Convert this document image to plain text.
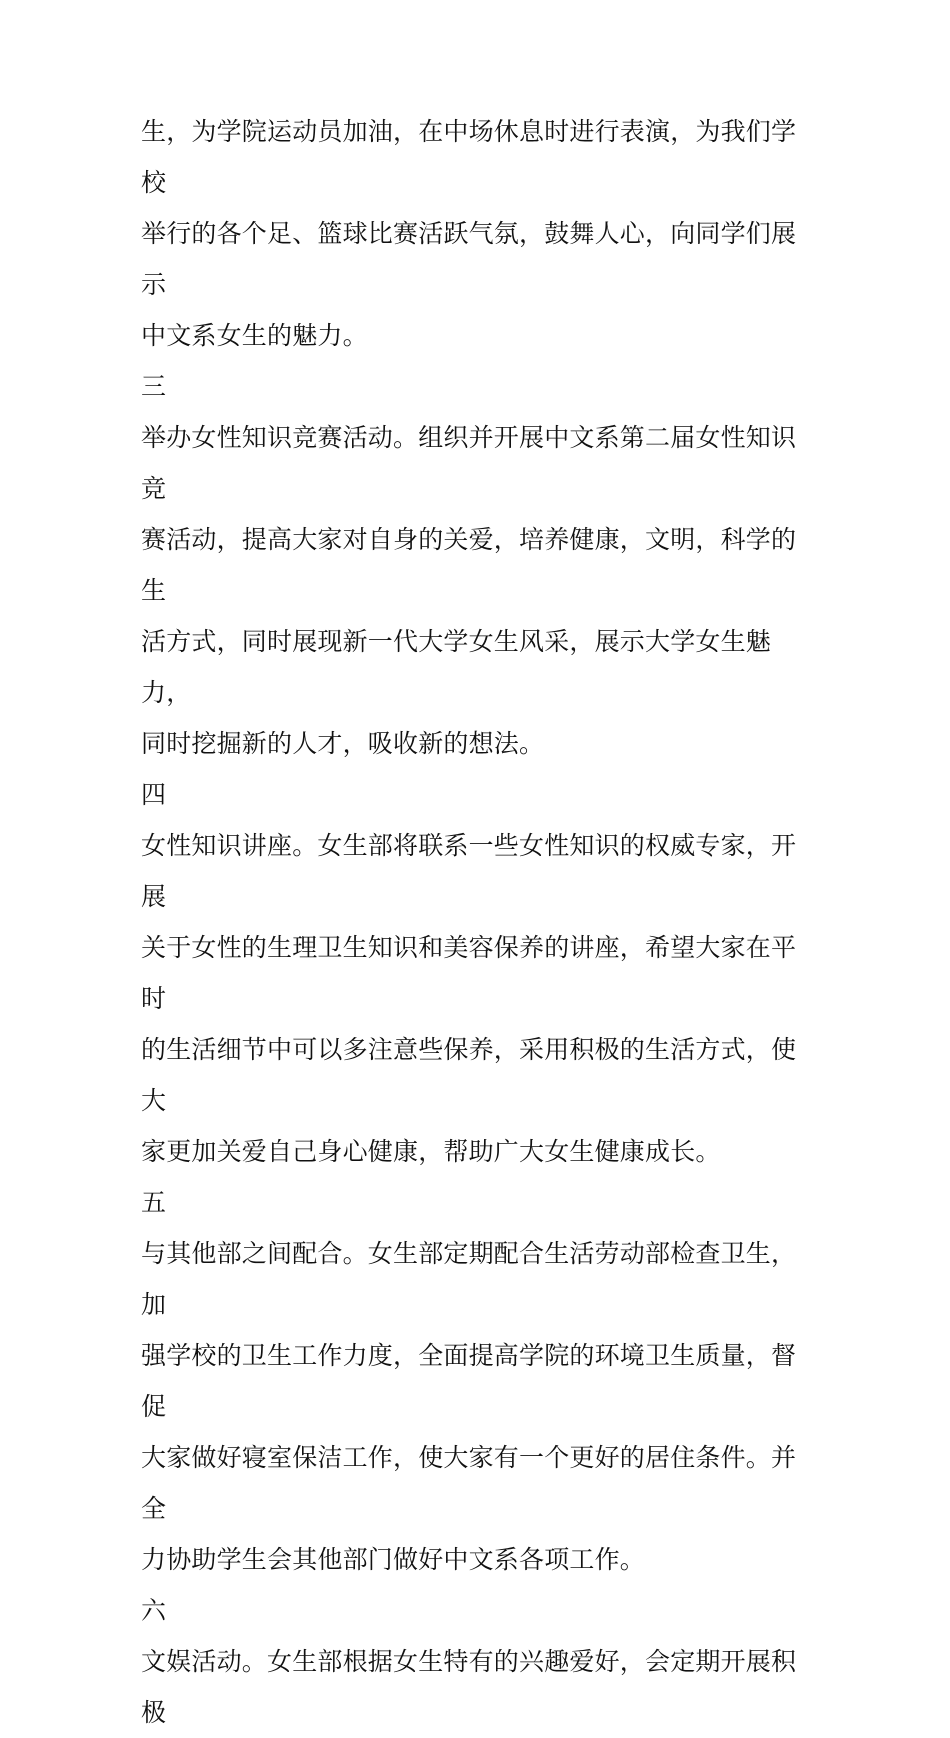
生，为学院运动员加油，在中场休息时进行表演，为我们学校
举行的各个足、篮球比赛活跃气氛，鼓舞人心，向同学们展示
中文系女生的魅力。
三
举办女性知识竞赛活动。组织并开展中文系第二届女性知识竞
赛活动，提高大家对自身的关爱，培养健康，文明，科学的生
活方式，同时展现新一代大学女生风采，展示大学女生魅力，
同时挖掘新的人才，吸收新的想法。
四
女性知识讲座。女生部将联系一些女性知识的权威专家，开展
关于女性的生理卫生知识和美容保养的讲座，希望大家在平时
的生活细节中可以多注意些保养，采用积极的生活方式，使大
家更加关爱自己身心健康，帮助广大女生健康成长。
五
与其他部之间配合。女生部定期配合生活劳动部检查卫生，加
强学校的卫生工作力度，全面提高学院的环境卫生质量，督促
大家做好寝室保洁工作，使大家有一个更好的居住条件。并全
力协助学生会其他部门做好中文系各项工作。
六
文娱活动。女生部根据女生特有的兴趣爱好，会定期开展积极
